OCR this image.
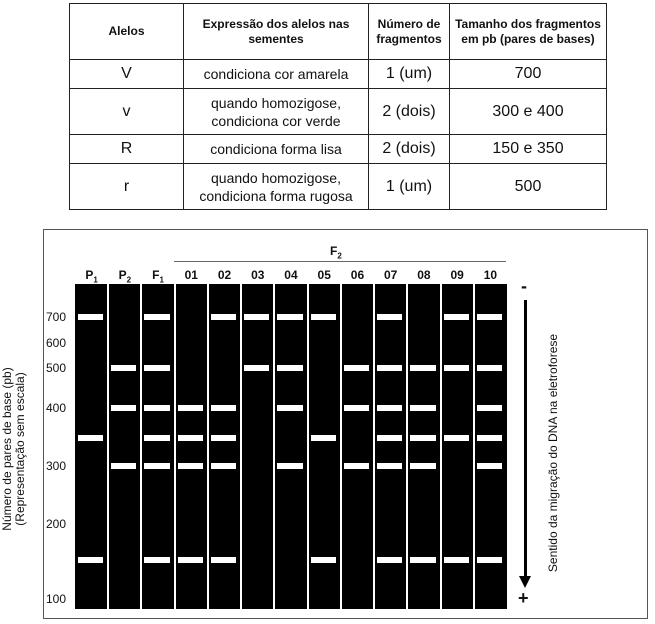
Alelos	Expressão dos alelos nas sementes	Número de fragmentos	Tamanho dos fragmentos em pb (pares de bases)
V	condiciona cor amarela	1 (um)	700
v	quando homozigose, condiciona cor verde	2 (dois)	300 e 400
R	condiciona forma lisa	2 (dois)	150 e 350
r	quando homozigose, condiciona forma rugosa	1 (um)	500
Número de pares de base (pb)
(Representação sem escala)
$F_2$
$P_1$	$P_2$	$F_1$	01	02	03	04	05	06	07	08	09	10
700
600
500
400
300
200
100
-
+
Sentido da migração do DNA na eletroforese
